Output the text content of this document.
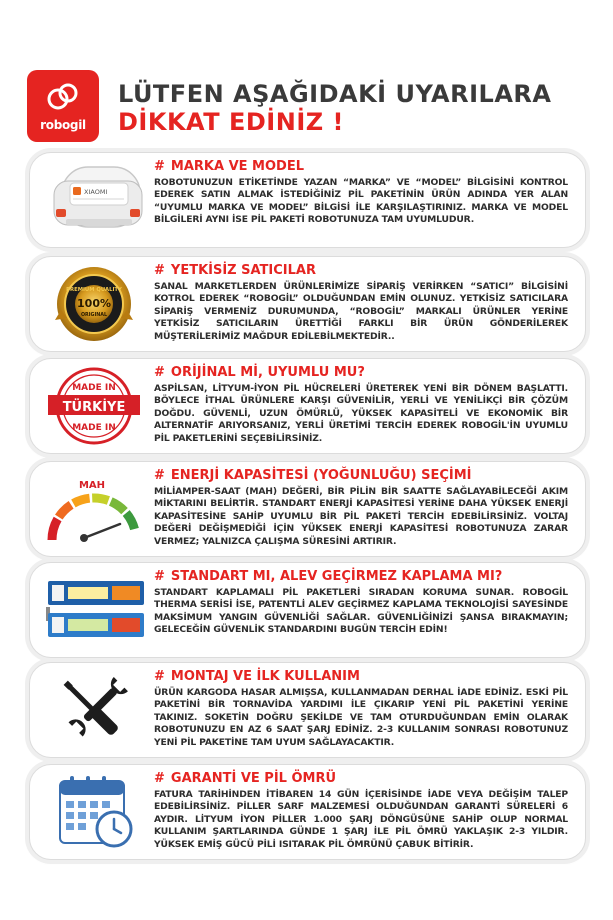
robogil
LÜTFEN AŞAĞIDAKİ UYARILARA
DİKKAT EDİNİZ !
XIAOMI
# MARKA VE MODEL
ROBOTUNUZUN ETİKETİNDE YAZAN “MARKA” VE “MODEL” BİLGİSİNİ KONTROL EDEREK SATIN ALMAK İSTEDİĞİNİZ PİL PAKETİNİN ÜRÜN ADINDA YER ALAN “UYUMLU MARKA VE MODEL” BİLGİSİ İLE KARŞILAŞTIRINIZ. MARKA VE MODEL BİLGİLERİ AYNI İSE PİL PAKETİ ROBOTUNUZA TAM UYUMLUDUR.
PREMIUM QUALITY
100%
ORIGINAL
# YETKİSİZ SATICILAR
SANAL MARKETLERDEN ÜRÜNLERİMİZE SİPARİŞ VERİRKEN “SATICI” BİLGİSİNİ KOTROL EDEREK “ROBOGİL” OLDUĞUNDAN EMİN OLUNUZ. YETKİSİZ SATICILARA SİPARİŞ VERMENİZ DURUMUNDA, “ROBOGİL” MARKALI ÜRÜNLER YERİNE YETKİSİZ SATICILARIN ÜRETTİĞİ FARKLI BİR ÜRÜN GÖNDERİLEREK MÜŞTERİLERİMİZ MAĞDUR EDİLEBİLMEKTEDİR..
MADE IN
TÜRKİYE
MADE IN
# ORİJİNAL Mİ, UYUMLU MU?
ASPİLSAN, LİTYUM-İYON PİL HÜCRELERİ ÜRETEREK YENİ BİR DÖNEM BAŞLATTI. BÖYLECE İTHAL ÜRÜNLERE KARŞI GÜVENİLİR, YERLİ VE YENİLİKÇİ BİR ÇÖZÜM DOĞDU. GÜVENLİ, UZUN ÖMÜRLÜ, YÜKSEK KAPASİTELİ VE EKONOMİK BİR ALTERNATİF ARIYORSANIZ, YERLİ ÜRETİMİ TERCİH EDEREK ROBOGİL'İN UYUMLU PİL PAKETLERİNİ SEÇEBİLİRSİNİZ.
MAH
# ENERJİ KAPASİTESİ (YOĞUNLUĞU) SEÇİMİ
MİLİAMPER-SAAT (MAH) DEĞERİ, BİR PİLİN BİR SAATTE SAĞLAYABİLECEĞİ AKIM MİKTARINI BELİRTİR. STANDART ENERJİ KAPASİTESİ YERİNE DAHA YÜKSEK ENERJİ KAPASİTESİNE SAHİP UYUMLU BİR PİL PAKETİ TERCİH EDEBİLİRSİNİZ. VOLTAJ DEĞERİ DEĞİŞMEDİĞİ İÇİN YÜKSEK ENERJİ KAPASİTESİ ROBOTUNUZA ZARAR VERMEZ; YALNIZCA ÇALIŞMA SÜRESİNİ ARTIRIR.
# STANDART MI, ALEV GEÇİRMEZ KAPLAMA MI?
STANDART KAPLAMALI PİL PAKETLERİ SIRADAN KORUMA SUNAR. ROBOGİL THERMA SERİSİ İSE, PATENTLİ ALEV GEÇİRMEZ KAPLAMA TEKNOLOJİSİ SAYESİNDE MAKSİMUM YANGIN GÜVENLİĞİ SAĞLAR. GÜVENLİĞİNİZİ ŞANSA BIRAKMAYIN; GELECEĞİN GÜVENLİK STANDARDINI BUGÜN TERCİH EDİN!
# MONTAJ VE İLK KULLANIM
ÜRÜN KARGODA HASAR ALMIŞSA, KULLANMADAN DERHAL İADE EDİNİZ. ESKİ PİL PAKETİNİ BİR TORNAVİDA YARDIMI İLE ÇIKARIP YENİ PİL PAKETİNİ YERİNE TAKINIZ. SOKETİN DOĞRU ŞEKİLDE VE TAM OTURDUĞUNDAN EMİN OLARAK ROBOTUNUZU EN AZ 6 SAAT ŞARJ EDİNİZ. 2-3 KULLANIM SONRASI ROBOTUNUZ YENİ PİL PAKETİNE TAM UYUM SAĞLAYACAKTIR.
# GARANTİ VE PİL ÖMRÜ
FATURA TARİHİNDEN İTİBAREN 14 GÜN İÇERİSİNDE İADE VEYA DEĞİŞİM TALEP EDEBİLİRSİNİZ. PİLLER SARF MALZEMESİ OLDUĞUNDAN GARANTİ SÜRELERİ 6 AYDIR. LİTYUM İYON PİLLER 1.000 ŞARJ DÖNGÜSÜNE SAHİP OLUP NORMAL KULLANIM ŞARTLARINDA GÜNDE 1 ŞARJ İLE PİL ÖMRÜ YAKLAŞIK 2-3 YILDIR. YÜKSEK EMİŞ GÜCÜ PİLİ ISITARAK PİL ÖMRÜNÜ ÇABUK BİTİRİR.
